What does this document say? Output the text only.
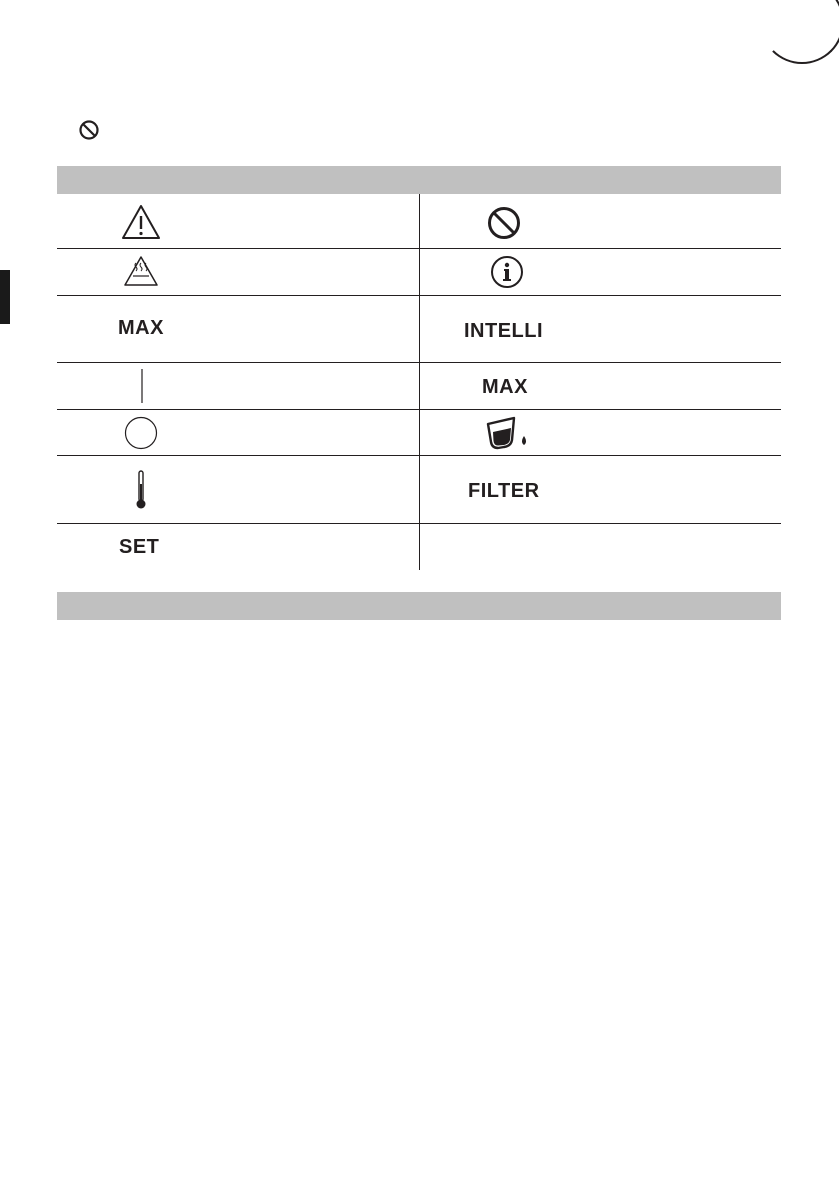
MAX	INTELLI
MAX
FILTER
SET
